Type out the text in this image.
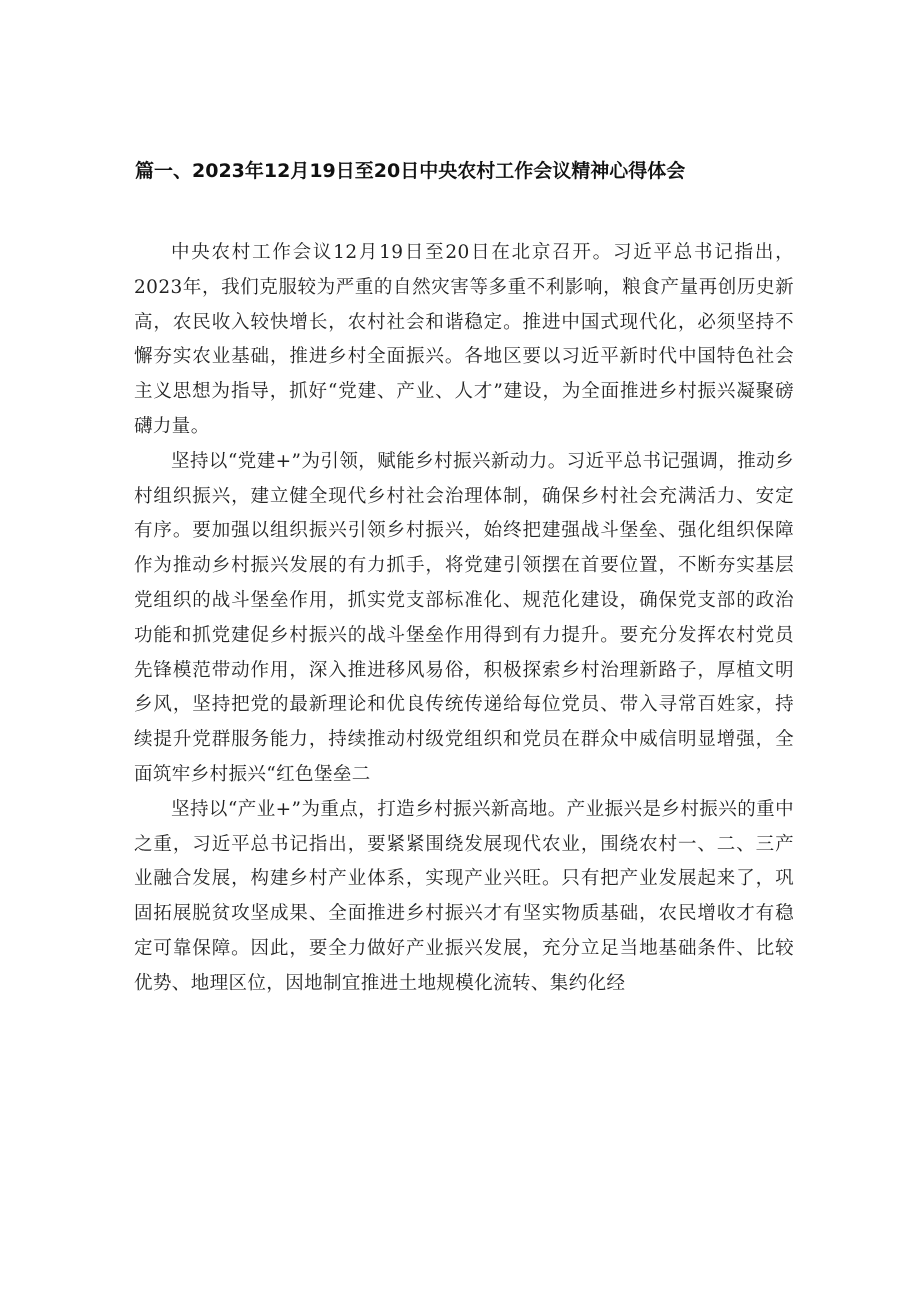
篇一、2023年12月19日至20日中央农村工作会议精神心得体会

中央农村工作会议12月19日至20日在北京召开。习近平总书记指出，2023年，我们克服较为严重的自然灾害等多重不利影响，粮食产量再创历史新高，农民收入较快增长，农村社会和谐稳定。推进中国式现代化，必须坚持不懈夯实农业基础，推进乡村全面振兴。各地区要以习近平新时代中国特色社会主义思想为指导，抓好“党建、产业、人才”建设，为全面推进乡村振兴凝聚磅礴力量。

坚持以“党建+”为引领，赋能乡村振兴新动力。习近平总书记强调，推动乡村组织振兴，建立健全现代乡村社会治理体制，确保乡村社会充满活力、安定有序。要加强以组织振兴引领乡村振兴，始终把建强战斗堡垒、强化组织保障作为推动乡村振兴发展的有力抓手，将党建引领摆在首要位置，不断夯实基层党组织的战斗堡垒作用，抓实党支部标准化、规范化建设，确保党支部的政治功能和抓党建促乡村振兴的战斗堡垒作用得到有力提升。要充分发挥农村党员先锋模范带动作用，深入推进移风易俗，积极探索乡村治理新路子，厚植文明乡风，坚持把党的最新理论和优良传统传递给每位党员、带入寻常百姓家，持续提升党群服务能力，持续推动村级党组织和党员在群众中威信明显增强，全面筑牢乡村振兴“红色堡垒二

坚持以“产业+”为重点，打造乡村振兴新高地。产业振兴是乡村振兴的重中之重，习近平总书记指出，要紧紧围绕发展现代农业，围绕农村一、二、三产业融合发展，构建乡村产业体系，实现产业兴旺。只有把产业发展起来了，巩固拓展脱贫攻坚成果、全面推进乡村振兴才有坚实物质基础，农民增收才有稳定可靠保障。因此，要全力做好产业振兴发展，充分立足当地基础条件、比较优势、地理区位，因地制宜推进土地规模化流转、集约化经
